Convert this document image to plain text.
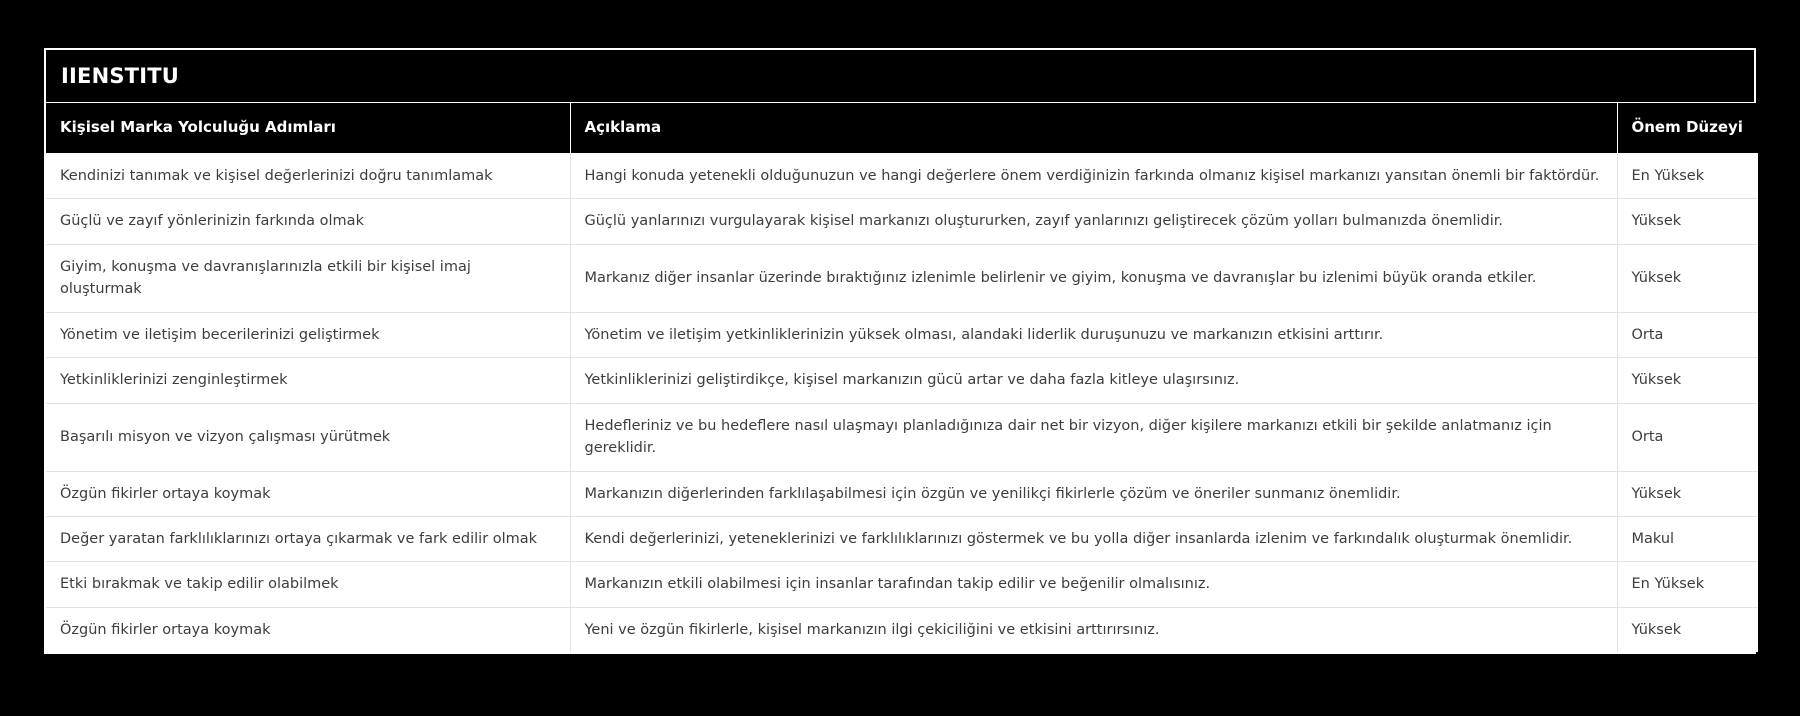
IIENSTITU
Kişisel Marka Yolculuğu Adımları	Açıklama	Önem Düzeyi
Kendinizi tanımak ve kişisel değerlerinizi doğru tanımlamak	Hangi konuda yetenekli olduğunuzun ve hangi değerlere önem verdiğinizin farkında olmanız kişisel markanızı yansıtan önemli bir faktördür.	En Yüksek
Güçlü ve zayıf yönlerinizin farkında olmak	Güçlü yanlarınızı vurgulayarak kişisel markanızı oluştururken, zayıf yanlarınızı geliştirecek çözüm yolları bulmanızda önemlidir.	Yüksek
Giyim, konuşma ve davranışlarınızla etkili bir kişisel imaj oluşturmak	Markanız diğer insanlar üzerinde bıraktığınız izlenimle belirlenir ve giyim, konuşma ve davranışlar bu izlenimi büyük oranda etkiler.	Yüksek
Yönetim ve iletişim becerilerinizi geliştirmek	Yönetim ve iletişim yetkinliklerinizin yüksek olması, alandaki liderlik duruşunuzu ve markanızın etkisini arttırır.	Orta
Yetkinliklerinizi zenginleştirmek	Yetkinliklerinizi geliştirdikçe, kişisel markanızın gücü artar ve daha fazla kitleye ulaşırsınız.	Yüksek
Başarılı misyon ve vizyon çalışması yürütmek	Hedefleriniz ve bu hedeflere nasıl ulaşmayı planladığınıza dair net bir vizyon, diğer kişilere markanızı etkili bir şekilde anlatmanız için gereklidir.	Orta
Özgün fikirler ortaya koymak	Markanızın diğerlerinden farklılaşabilmesi için özgün ve yenilikçi fikirlerle çözüm ve öneriler sunmanız önemlidir.	Yüksek
Değer yaratan farklılıklarınızı ortaya çıkarmak ve fark edilir olmak	Kendi değerlerinizi, yeteneklerinizi ve farklılıklarınızı göstermek ve bu yolla diğer insanlarda izlenim ve farkındalık oluşturmak önemlidir.	Makul
Etki bırakmak ve takip edilir olabilmek	Markanızın etkili olabilmesi için insanlar tarafından takip edilir ve beğenilir olmalısınız.	En Yüksek
Özgün fikirler ortaya koymak	Yeni ve özgün fikirlerle, kişisel markanızın ilgi çekiciliğini ve etkisini arttırırsınız.	Yüksek
